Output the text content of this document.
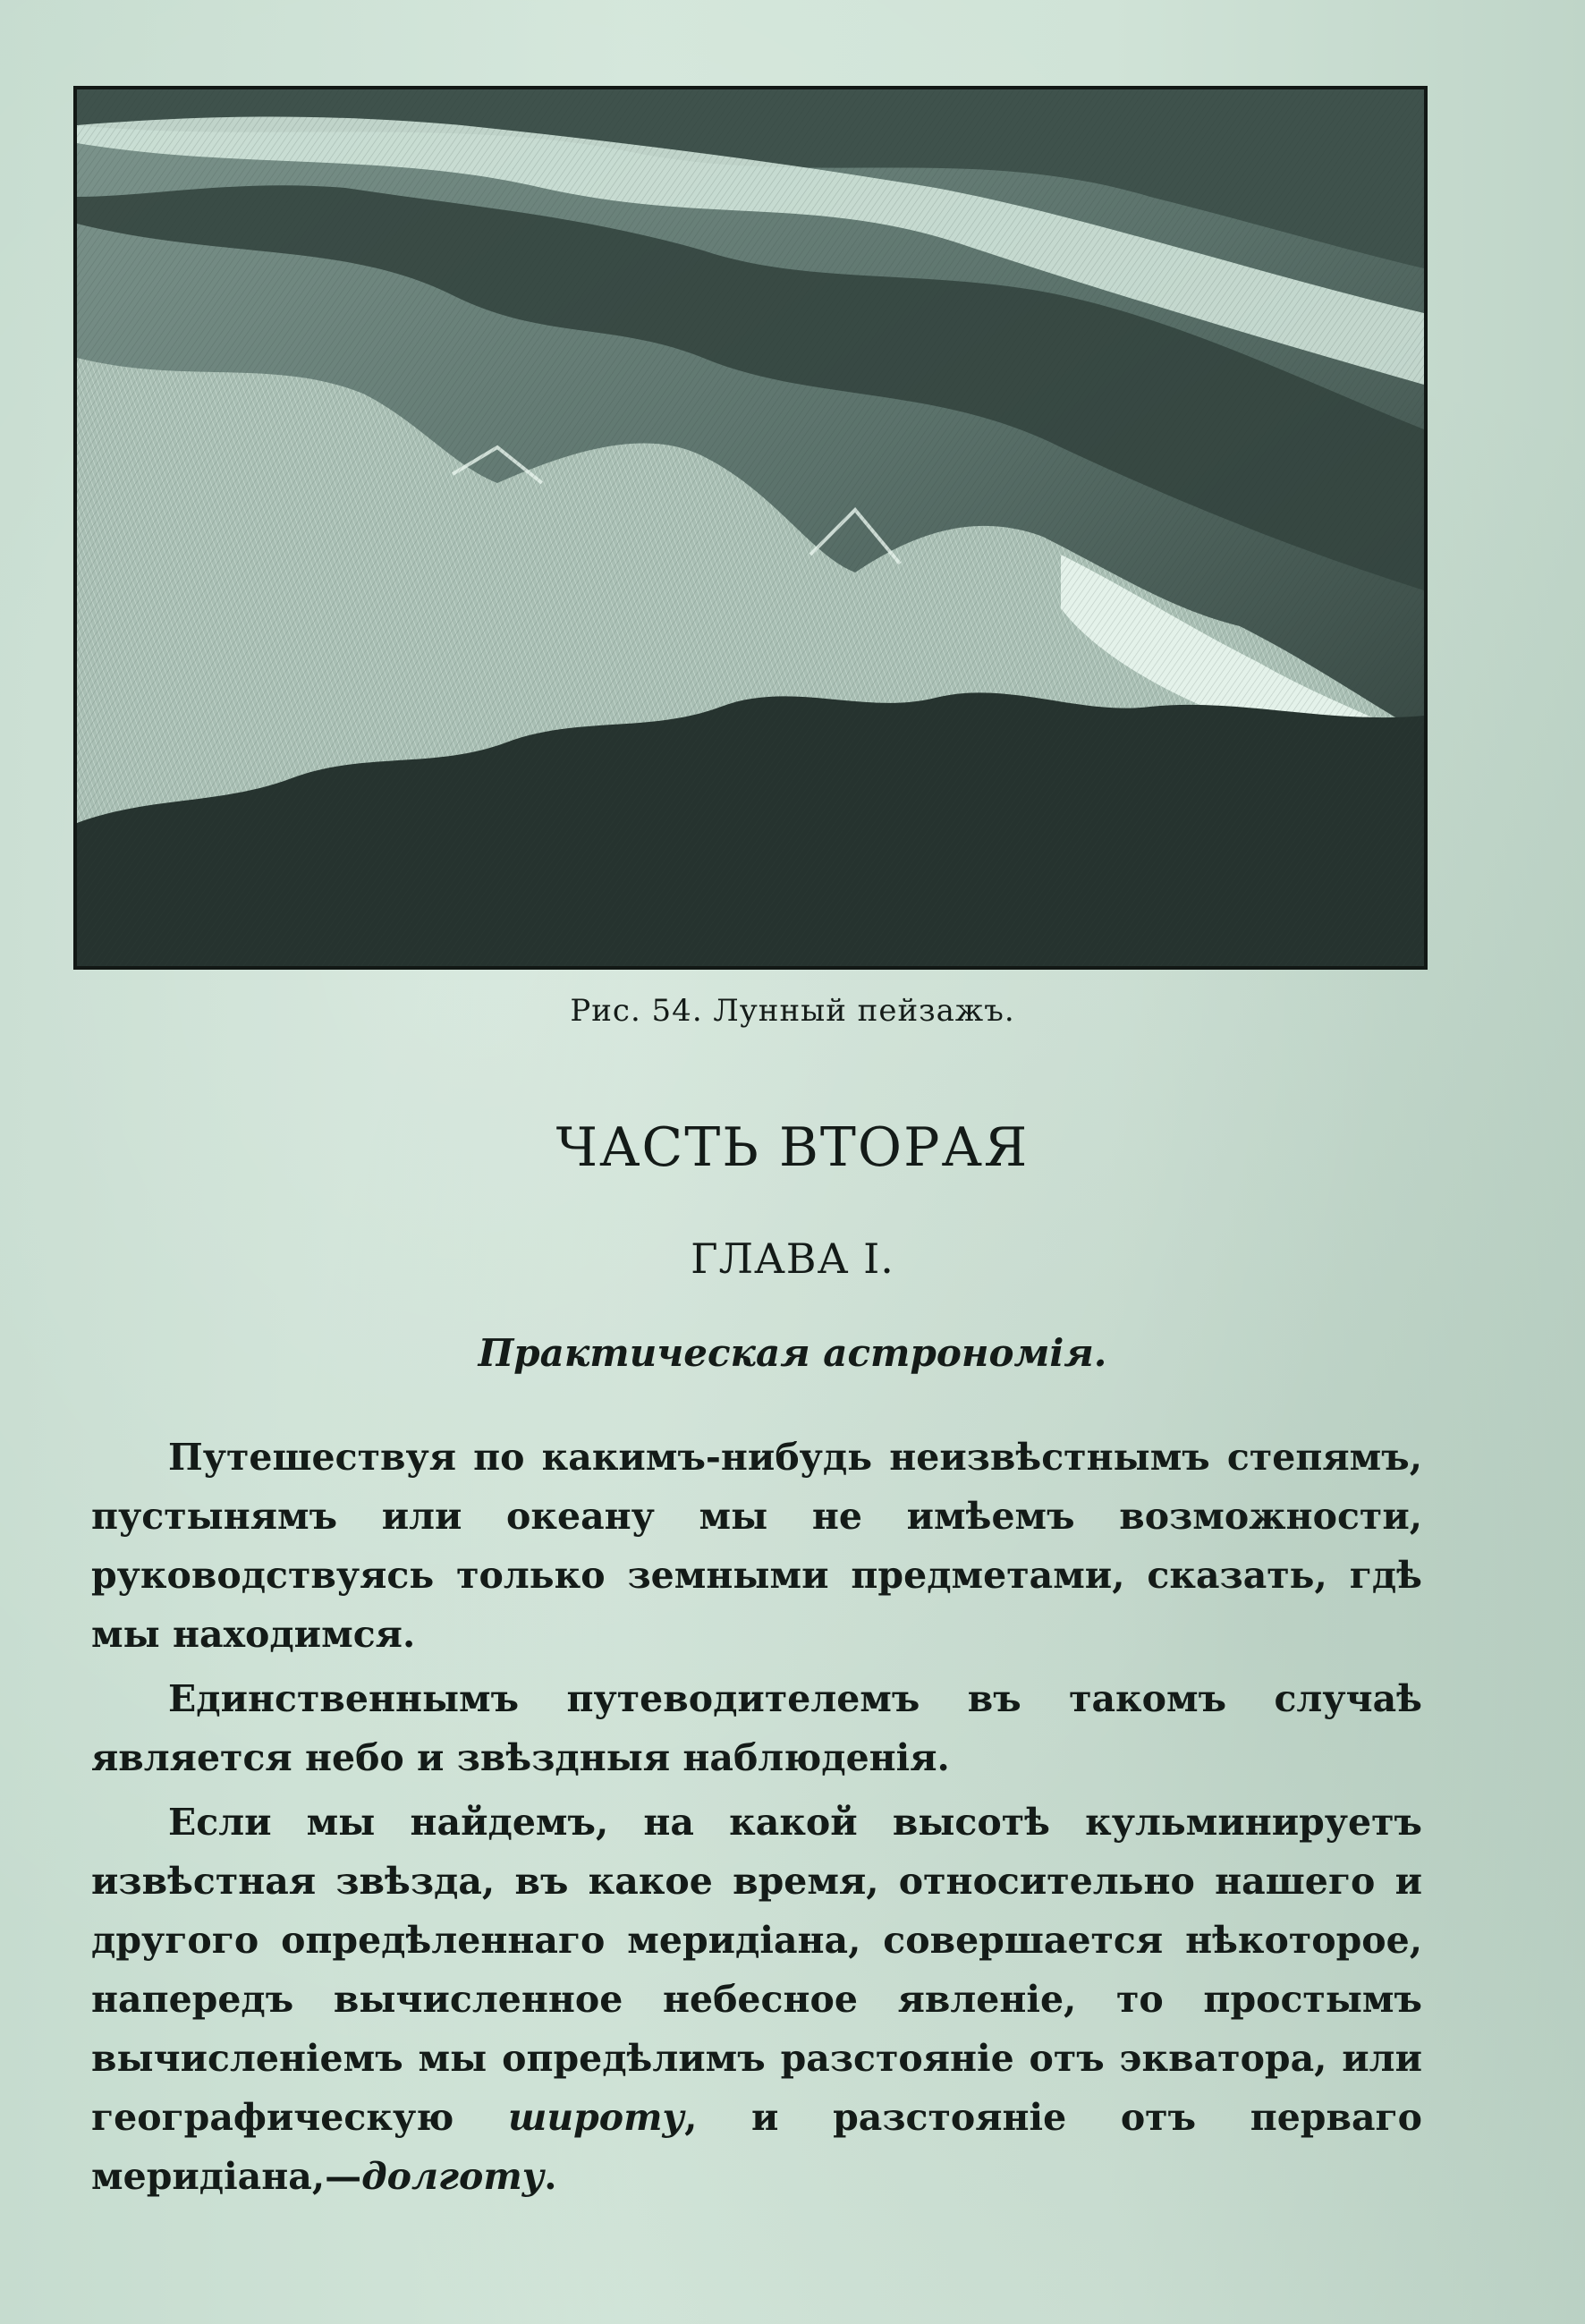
Рис. 54. Лунный пейзажъ.
ЧАСТЬ ВТОРАЯ
ГЛАВА I.
Практическая астрономія.

Путешествуя по какимъ-нибудь неизвѣстнымъ степямъ, пустынямъ или океану мы не имѣемъ возможности, руководствуясь только земными предметами, сказать, гдѣ мы находимся.

Единственнымъ путеводителемъ въ такомъ случаѣ является небо и звѣздныя наблюденія.

Если мы найдемъ, на какой высотѣ кульминируетъ извѣстная звѣзда, въ какое время, относительно нашего и другого опредѣленнаго меридіана, совершается нѣкоторое, напередъ вычисленное небесное явленіе, то простымъ вычисленіемъ мы опредѣлимъ разстояніе отъ экватора, или географическую широту, и разстояніе отъ перваго меридіана,—долготу.
